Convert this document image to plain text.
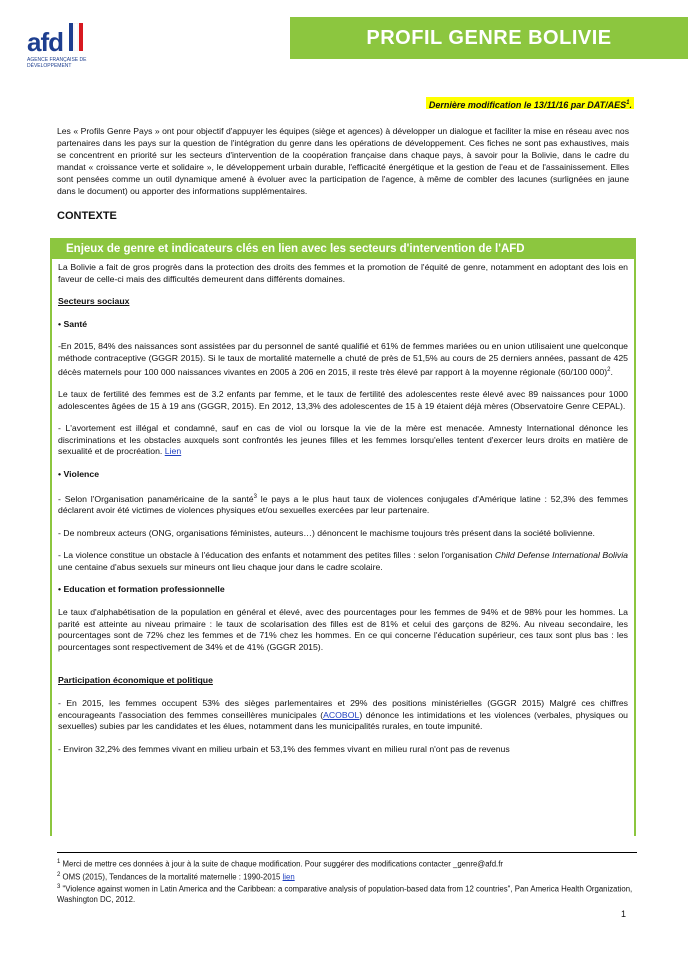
afd
AGENCE FRANÇAISE DE DÉVELOPPEMENT
PROFIL GENRE BOLIVIE
Dernière modification le 13/11/16 par DAT/AES$^1$.
Les « Profils Genre Pays » ont pour objectif d'appuyer les équipes (siège et agences) à développer un dialogue et faciliter la mise en réseau avec nos partenaires dans les pays sur la question de l'intégration du genre dans les opérations de développement. Ces fiches ne sont pas exhaustives, mais se concentrent en priorité sur les secteurs d'intervention de la coopération française dans chaque pays, à savoir pour la Bolivie, dans le cadre du mandat « croissance verte et solidaire », le développement urbain durable, l'efficacité énergétique et la gestion de l'eau et de l'assainissement. Elles sont pensées comme un outil dynamique amené à évoluer avec la participation de l'agence, à même de combler des lacunes (surlignées en jaune dans le document) ou apporter des informations supplémentaires.
CONTEXTE
Enjeux de genre et indicateurs clés en lien avec les secteurs d'intervention de l'AFD

La Bolivie a fait de gros progrès dans la protection des droits des femmes et la promotion de l'équité de genre, notamment en adoptant des lois en faveur de celle-ci mais des difficultés demeurent dans différents domaines.

Secteurs sociaux

• Santé

-En 2015, 84% des naissances sont assistées par du personnel de santé qualifié et 61% de femmes mariées ou en union utilisaient une quelconque méthode contraceptive (GGGR 2015). Si le taux de mortalité maternelle a chuté de près de 51,5% au cours de 25 derniers années, passant de 425 décès maternels pour 100 000 naissances vivantes en 2005 à 206 en 2015, il reste très élevé par rapport à la moyenne régionale (60/100 000)$^2$.

Le taux de fertilité des femmes est de 3.2 enfants par femme, et le taux de fertilité des adolescentes reste élevé avec 89 naissances pour 1000 adolescentes âgées de 15 à 19 ans (GGGR, 2015). En 2012, 13,3% des adolescentes de 15 à 19 étaient déjà mères (Observatoire Genre CEPAL).

- L'avortement est illégal et condamné, sauf en cas de viol ou lorsque la vie de la mère est menacée. Amnesty International dénonce les discriminations et les obstacles auxquels sont confrontés les jeunes filles et les femmes lorsqu'elles tentent d'exercer leurs droits en matière de sexualité et de procréation. Lien

• Violence

- Selon l'Organisation panaméricaine de la santé$^3$ le pays a le plus haut taux de violences conjugales d'Amérique latine : 52,3% des femmes déclarent avoir été victimes de violences physiques et/ou sexuelles exercées par leur partenaire.

- De nombreux acteurs (ONG, organisations féministes, auteurs…) dénoncent le machisme toujours très présent dans la société bolivienne.

- La violence constitue un obstacle à l'éducation des enfants et notamment des petites filles : selon l'organisation Child Defense International Bolivia une centaine d'abus sexuels sur mineurs ont lieu chaque jour dans le cadre scolaire.

• Education et formation professionnelle

Le taux d'alphabétisation de la population en général et élevé, avec des pourcentages pour les femmes de 94% et de 98% pour les hommes. La parité est atteinte au niveau primaire : le taux de scolarisation des filles est de 81% et celui des garçons de 82%. Au niveau secondaire, les pourcentages sont de 72% chez les femmes et de 71% chez les hommes. En ce qui concerne l'éducation supérieur, ces taux sont plus bas : les pourcentages sont respectivement de 34% et de 41% (GGGR 2015).

Participation économique et politique

- En 2015, les femmes occupent 53% des sièges parlementaires et 29% des positions ministérielles (GGGR 2015) Malgré ces chiffres encourageants l'association des femmes conseillères municipales (ACOBOL) dénonce les intimidations et les violences (verbales, physiques ou sexuelles) subies par les candidates et les élues, notamment dans les municipalités rurales, en toute impunité.

- Environ 32,2% des femmes vivant en milieu urbain et 53,1% des femmes vivant en milieu rural n'ont pas de revenus

$^1$ Merci de mettre ces données à jour à la suite de chaque modification. Pour suggérer des modifications contacter _genre@afd.fr
$^2$ OMS (2015), Tendances de la mortalité maternelle : 1990-2015 lien
$^3$ "Violence against women in Latin America and the Caribbean: a comparative analysis of population-based data from 12 countries", Pan America Health Organization, Washington DC, 2012.
1
